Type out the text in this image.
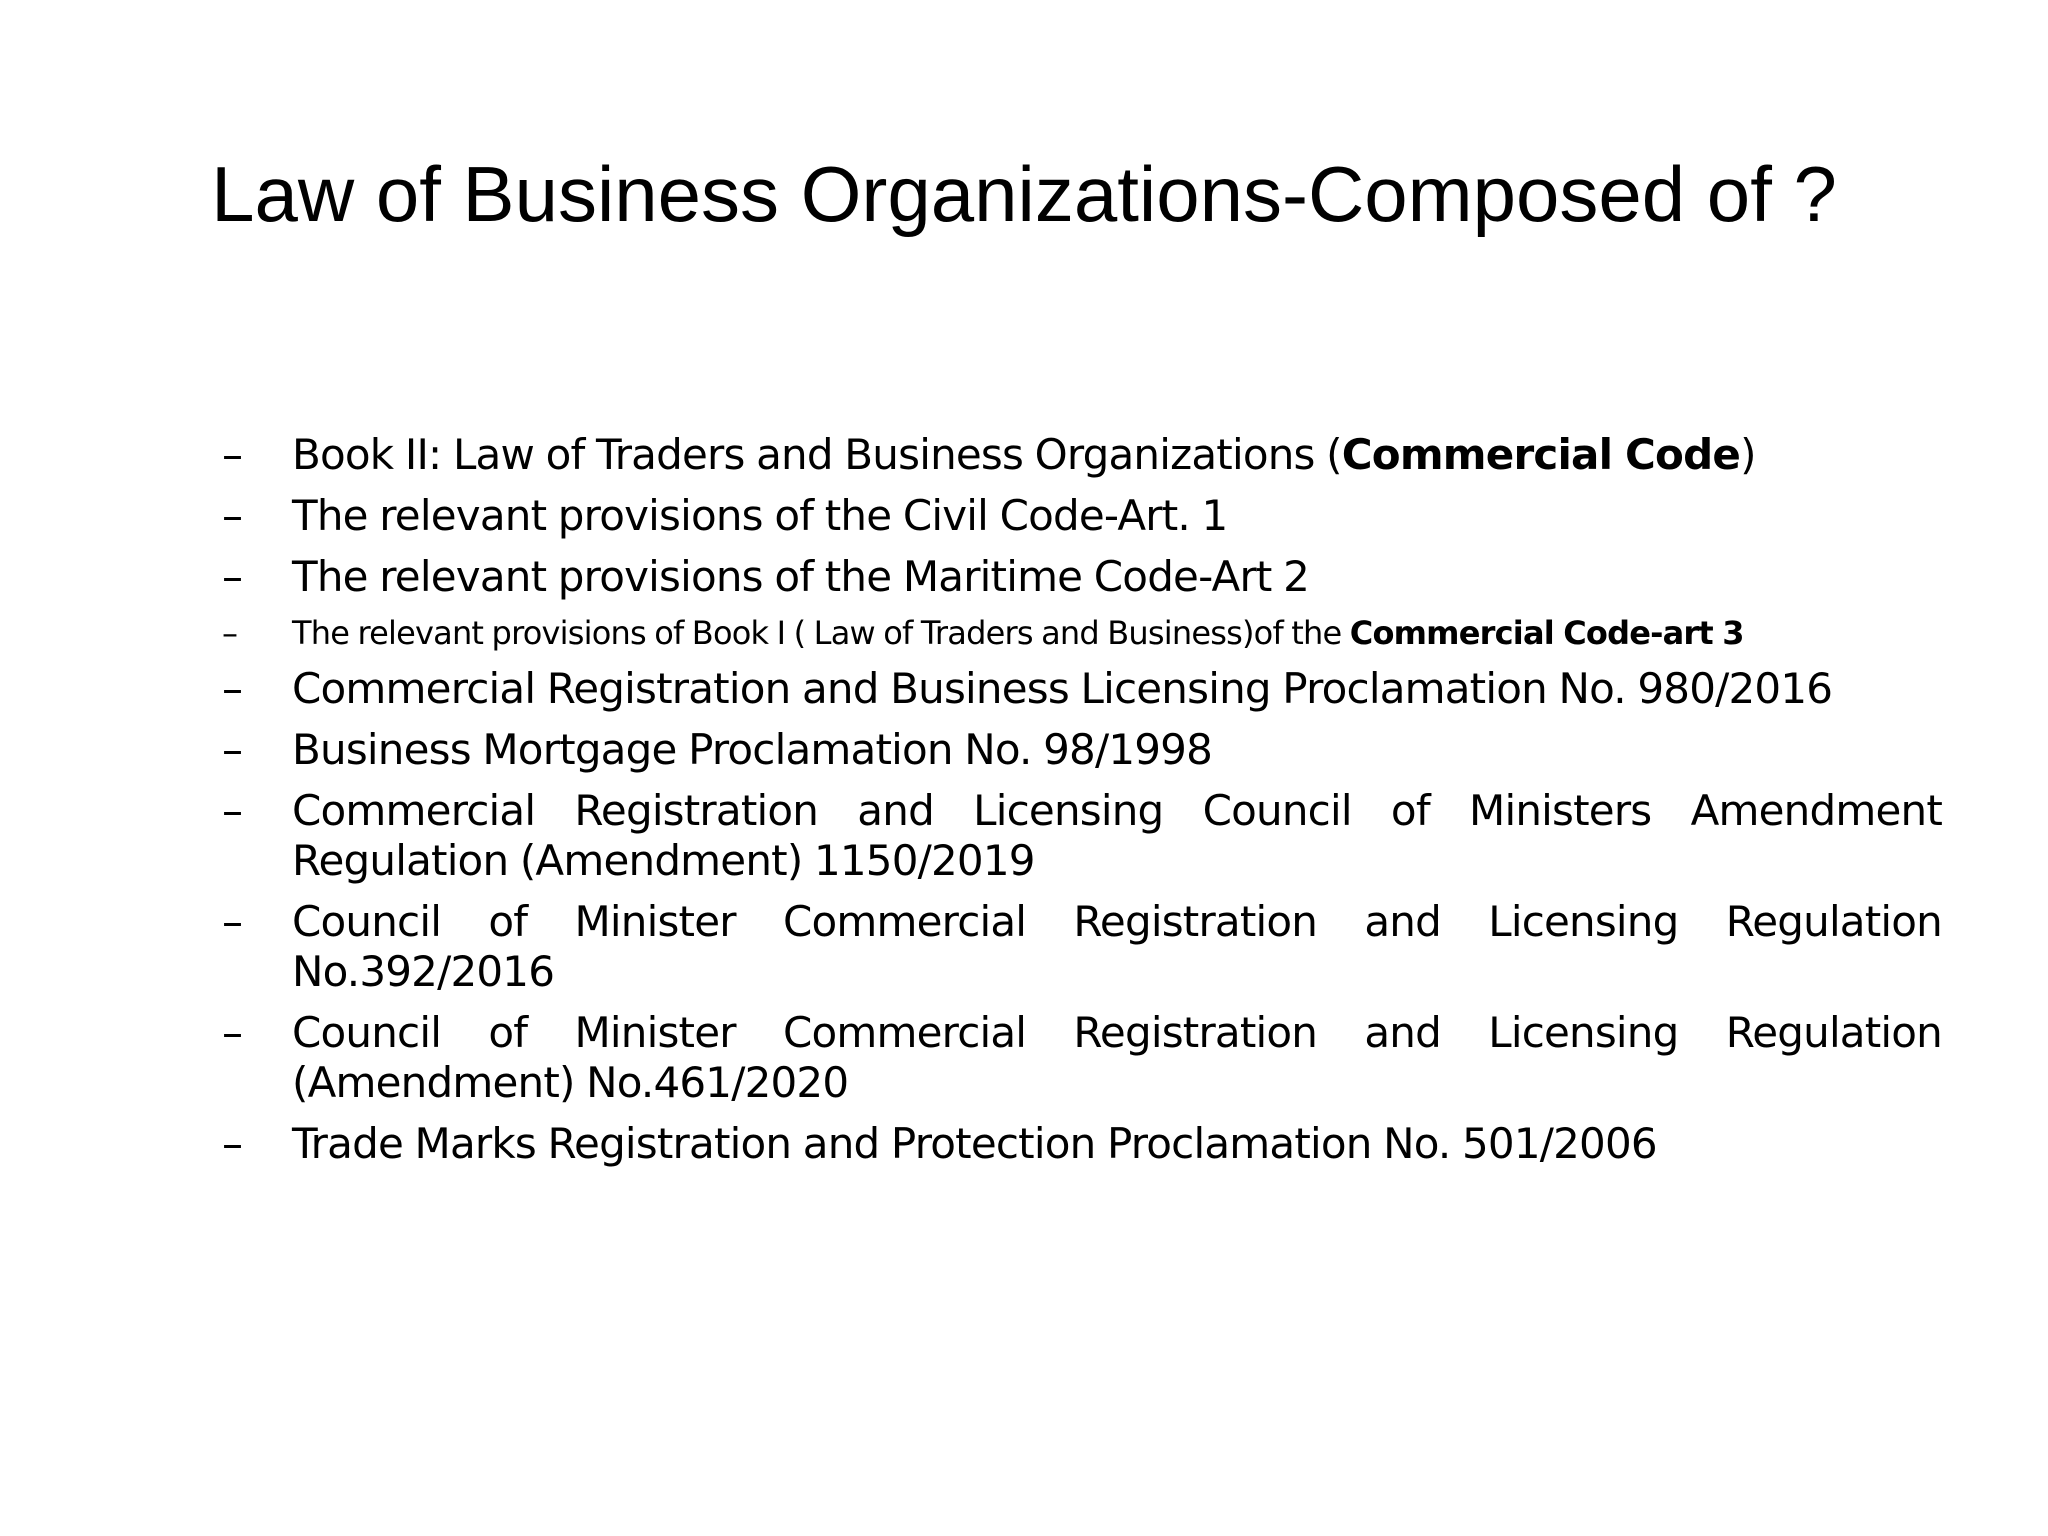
Law of Business Organizations-Composed of ?
–	Book II: Law of Traders and Business Organizations (Commercial Code)
–	The relevant provisions of the Civil Code-Art. 1
–	The relevant provisions of the Maritime Code-Art 2
–	The relevant provisions of Book I ( Law of Traders and Business)of the Commercial Code-art 3
–	Commercial Registration and Business Licensing Proclamation No. 980/2016
–	Business Mortgage Proclamation No. 98/1998
–	Commercial Registration and Licensing Council of Ministers Amendment Regulation (Amendment) 1150/2019
–	Council of Minister Commercial Registration and Licensing Regulation No.392/2016
–	Council of Minister Commercial Registration and Licensing Regulation (Amendment) No.461/2020
–	Trade Marks Registration and Protection Proclamation No. 501/2006
